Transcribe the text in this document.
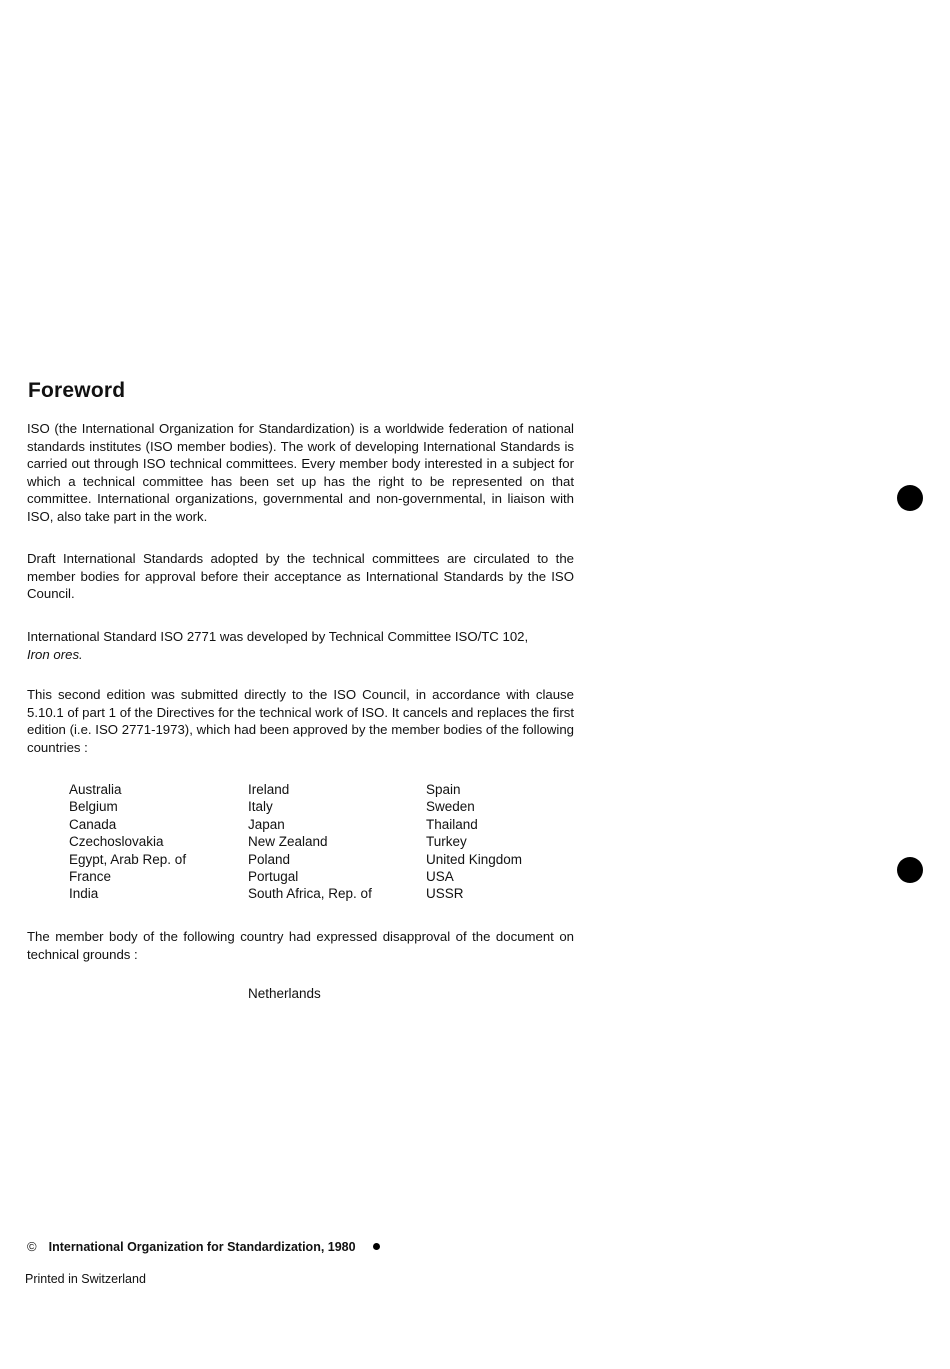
Foreword

ISO (the International Organization for Standardization) is a worldwide federation of national standards institutes (ISO member bodies). The work of developing International Standards is carried out through ISO technical committees. Every member body interested in a subject for which a technical committee has been set up has the right to be represented on that committee. International organizations, governmental and non-governmental, in liaison with ISO, also take part in the work.

Draft International Standards adopted by the technical committees are circulated to the member bodies for approval before their acceptance as International Standards by the ISO Council.

International Standard ISO 2771 was developed by Technical Committee ISO/TC 102,
Iron ores.

This second edition was submitted directly to the ISO Council, in accordance with clause 5.10.1 of part 1 of the Directives for the technical work of ISO. It cancels and replaces the first edition (i.e. ISO 2771-1973), which had been approved by the member bodies of the following countries :

Australia
Belgium
Canada
Czechoslovakia
Egypt, Arab Rep. of
France
India
Ireland
Italy
Japan
New Zealand
Poland
Portugal
South Africa, Rep. of
Spain
Sweden
Thailand
Turkey
United Kingdom
USA
USSR

The member body of the following country had expressed disapproval of the document on technical grounds :

Netherlands
© International Organization for Standardization, 1980
Printed in Switzerland
